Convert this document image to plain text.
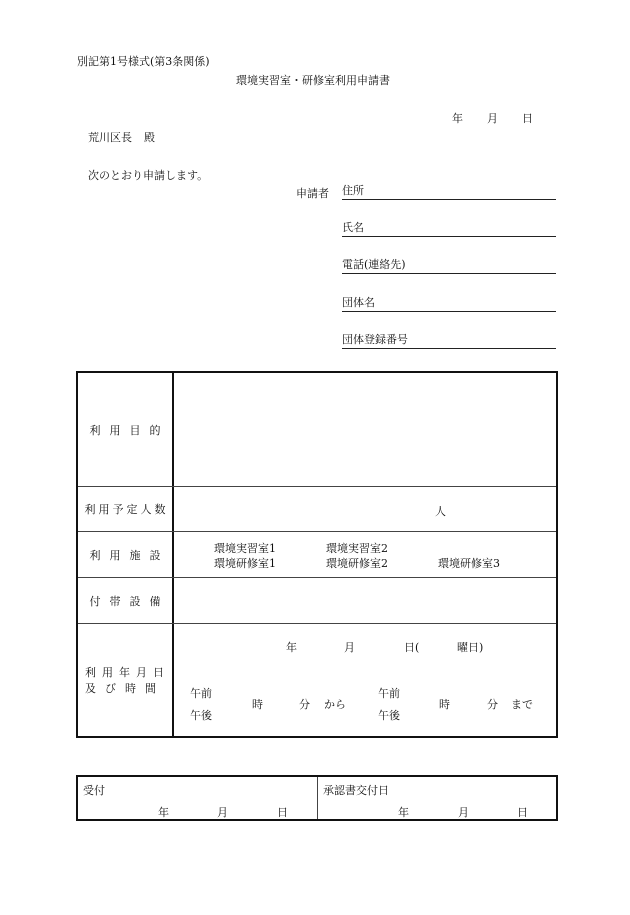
別記第1号様式(第3条関係)
環境実習室・研修室利用申請書
年 月 日
荒川区長 殿
次のとおり申請します。
申請者 住所
氏名
電話(連絡先)
団体名
団体登録番号
利用目的
利用予定人数	人
利用施設	環境実習室1	環境実習室2
環境研修室1	環境研修室2	環境研修室3
付帯設備
利用年月日
及び時間
年	月	日(	曜日)
午前
午後
時	分 から
午前
午後
時	分 まで
受付
年	月	日
承認書交付日
年	月	日
